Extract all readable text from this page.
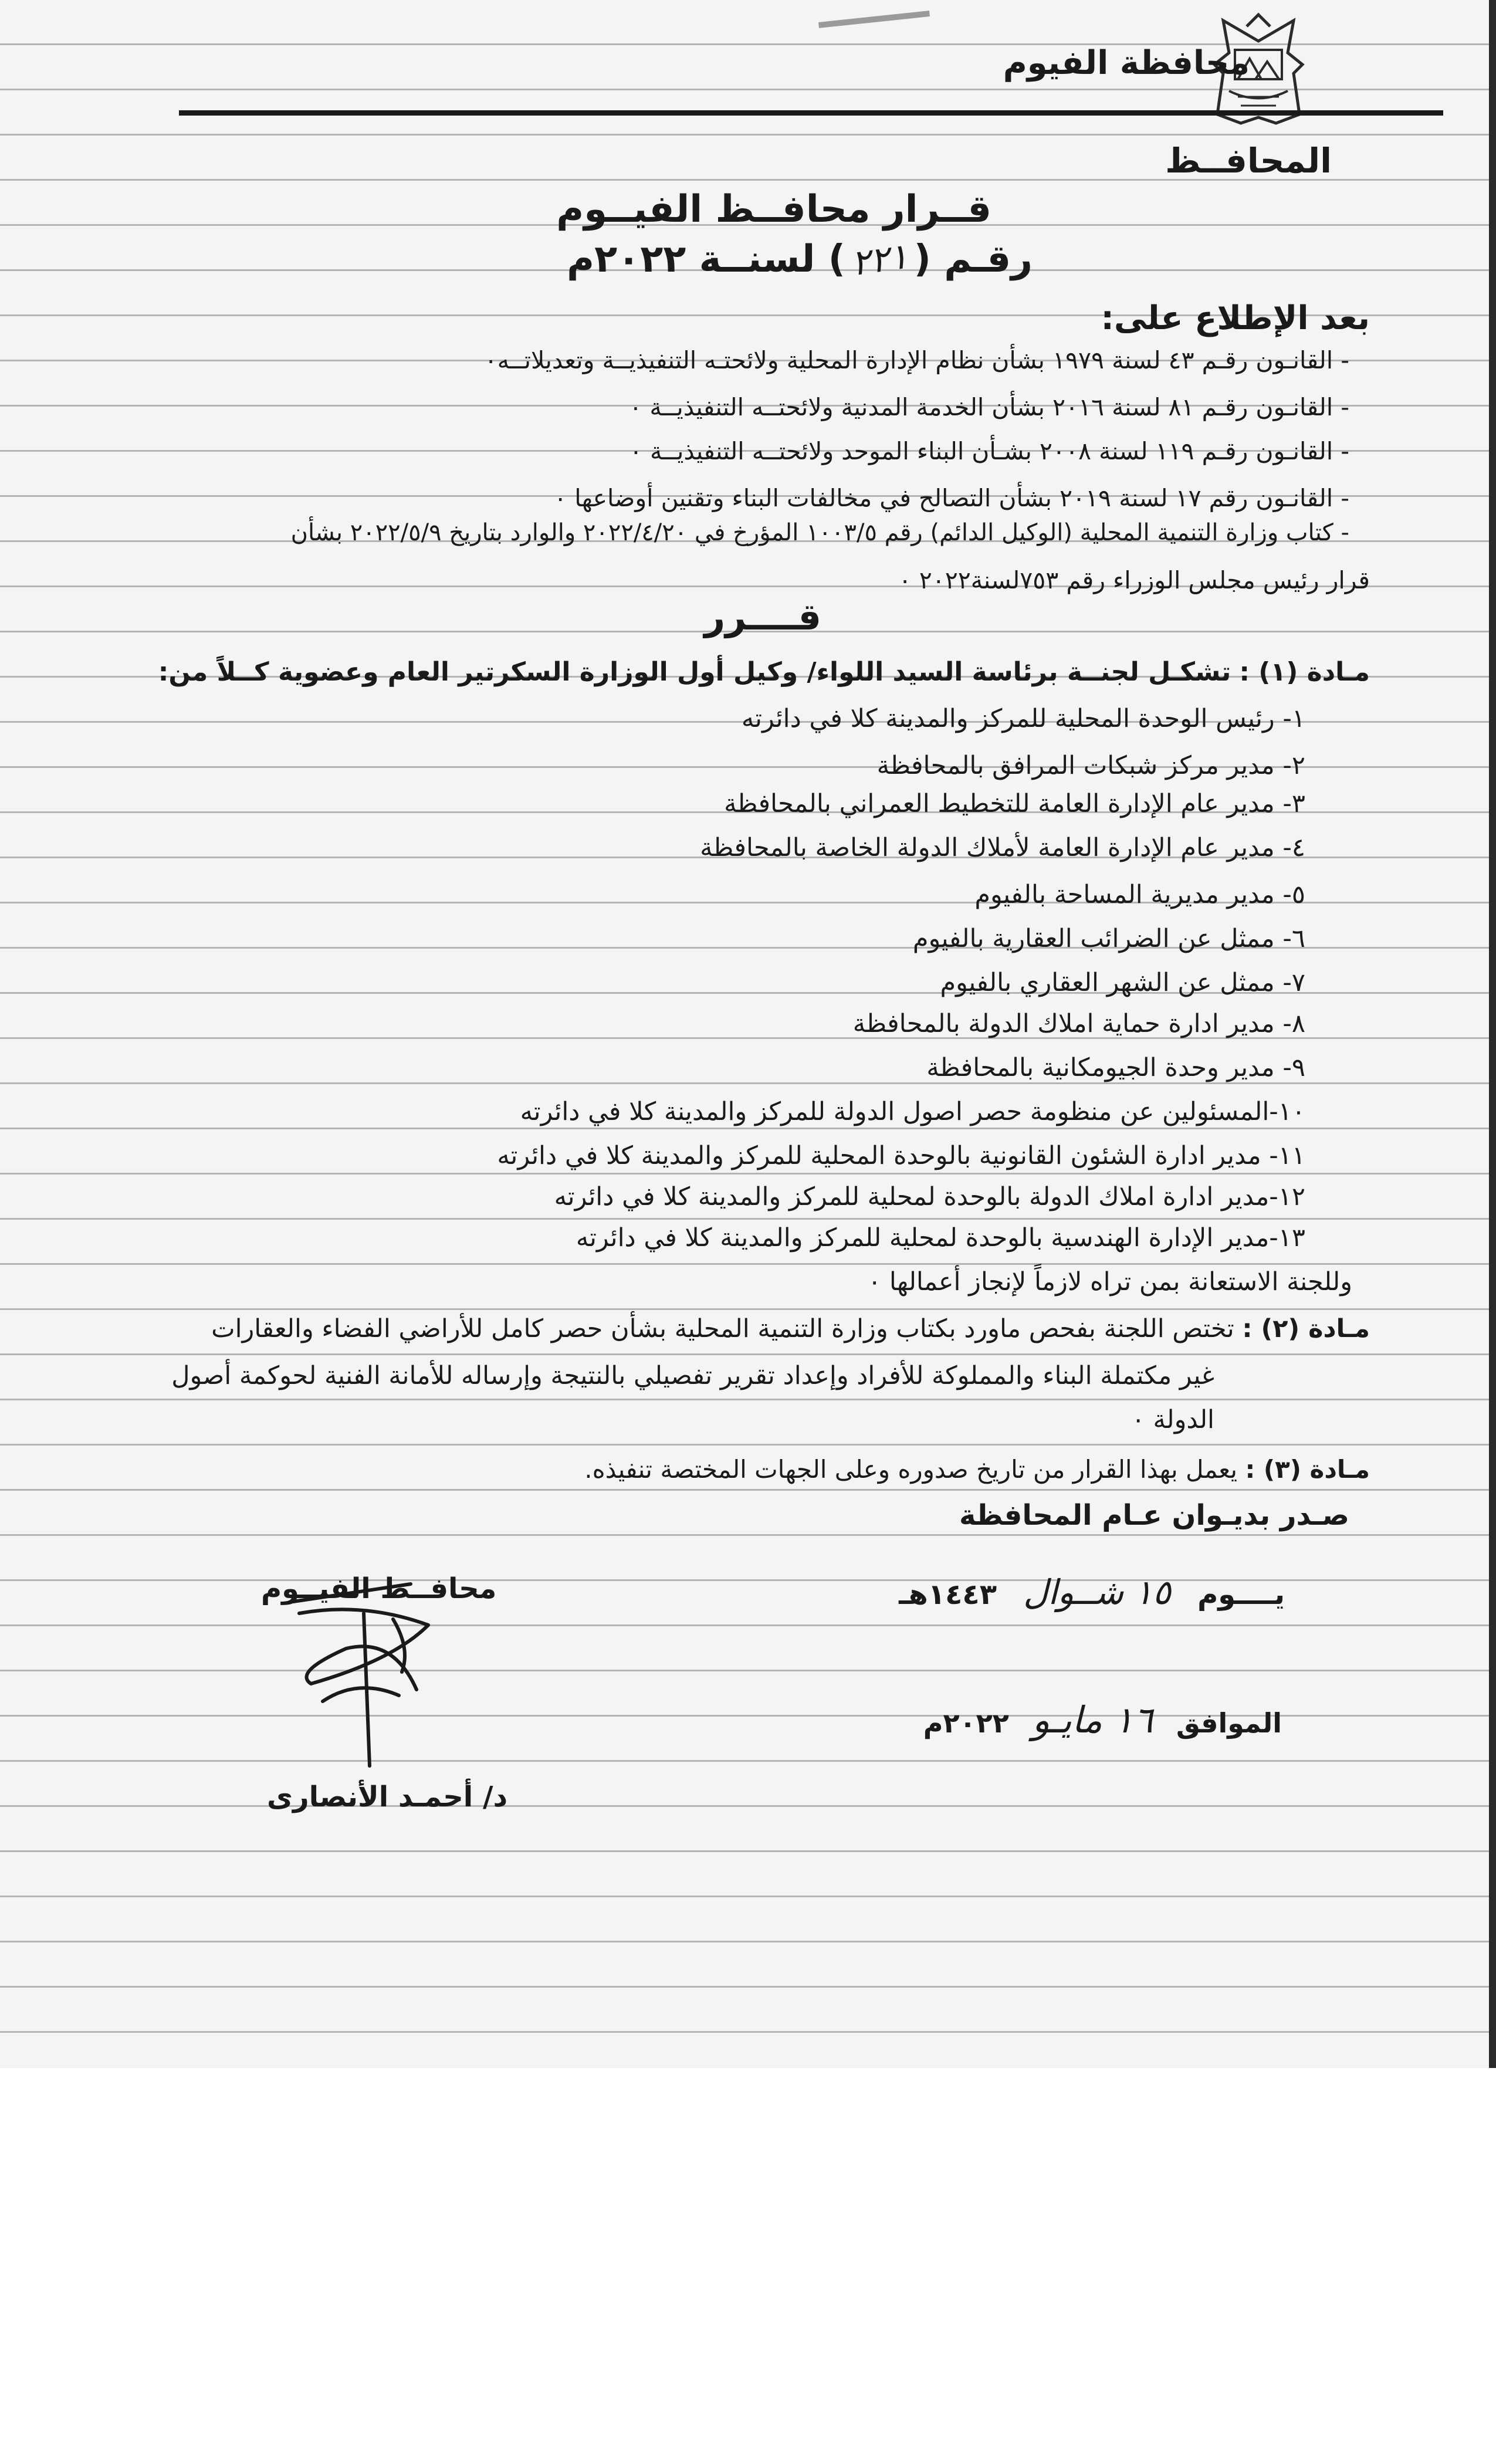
محافظة الفيوم
المحافــظ
قــرار محافــظ الفيــوم
رقـم (٢٢١) لسنــة ٢٠٢٢م
بعد الإطلاع على:
- القانـون رقـم ٤٣ لسنة ١٩٧٩ بشأن نظام الإدارة المحلية ولائحتـه التنفيذيــة وتعديلاتــه٠
- القانـون رقـم ٨١ لسنة ٢٠١٦ بشأن الخدمة المدنية ولائحتــه التنفيذيــة ٠
- القانـون رقـم ١١٩ لسنة ٢٠٠٨ بشـأن البناء الموحد ولائحتــه التنفيذيــة ٠
- القانـون رقم ١٧ لسنة ٢٠١٩ بشأن التصالح في مخالفات البناء وتقنين أوضاعها ٠
- كتاب وزارة التنمية المحلية (الوكيل الدائم) رقم ١٠٠٣/٥ المؤرخ في ٢٠٢٢/٤/٢٠ والوارد بتاريخ ٢٠٢٢/٥/٩ بشأن
قرار رئيس مجلس الوزراء رقم ٧٥٣لسنة٢٠٢٢ ٠
قــــرر
مـادة (١) : تشكـل لجنــة برئاسة السيد اللواء/ وكيل أول الوزارة السكرتير العام وعضوية كــلاً من:
١- رئيس الوحدة المحلية للمركز والمدينة كلا في دائرته
٢- مدير مركز شبكات المرافق بالمحافظة
٣- مدير عام الإدارة العامة للتخطيط العمراني بالمحافظة
٤- مدير عام الإدارة العامة لأملاك الدولة الخاصة بالمحافظة
٥- مدير مديرية المساحة بالفيوم
٦- ممثل عن الضرائب العقارية بالفيوم
٧- ممثل عن الشهر العقاري بالفيوم
٨- مدير ادارة حماية املاك الدولة بالمحافظة
٩- مدير وحدة الجيومكانية بالمحافظة
١٠-المسئولين عن منظومة حصر اصول الدولة للمركز والمدينة كلا في دائرته
١١- مدير ادارة الشئون القانونية بالوحدة المحلية للمركز والمدينة كلا في دائرته
١٢-مدير ادارة املاك الدولة بالوحدة لمحلية للمركز والمدينة كلا في دائرته
١٣-مدير الإدارة الهندسية بالوحدة لمحلية للمركز والمدينة كلا في دائرته
وللجنة الاستعانة بمن تراه لازماً لإنجاز أعمالها ٠
مـادة (٢) : تختص اللجنة بفحص ماورد بكتاب وزارة التنمية المحلية بشأن حصر كامل للأراضي الفضاء والعقارات
غير مكتملة البناء والمملوكة للأفراد وإعداد تقرير تفصيلي بالنتيجة وإرساله للأمانة الفنية لحوكمة أصول
الدولة ٠
مـادة (٣) : يعمل بهذا القرار من تاريخ صدوره وعلى الجهات المختصة تنفيذه.
صـدر بديـوان عـام المحافظة
يــــوم ١٥ شــوال ١٤٤٣هـ
الموافق ١٦ مايـو ٢٠٢٢م
محافــظ الفيــوم
د/ أحمـد الأنصارى
